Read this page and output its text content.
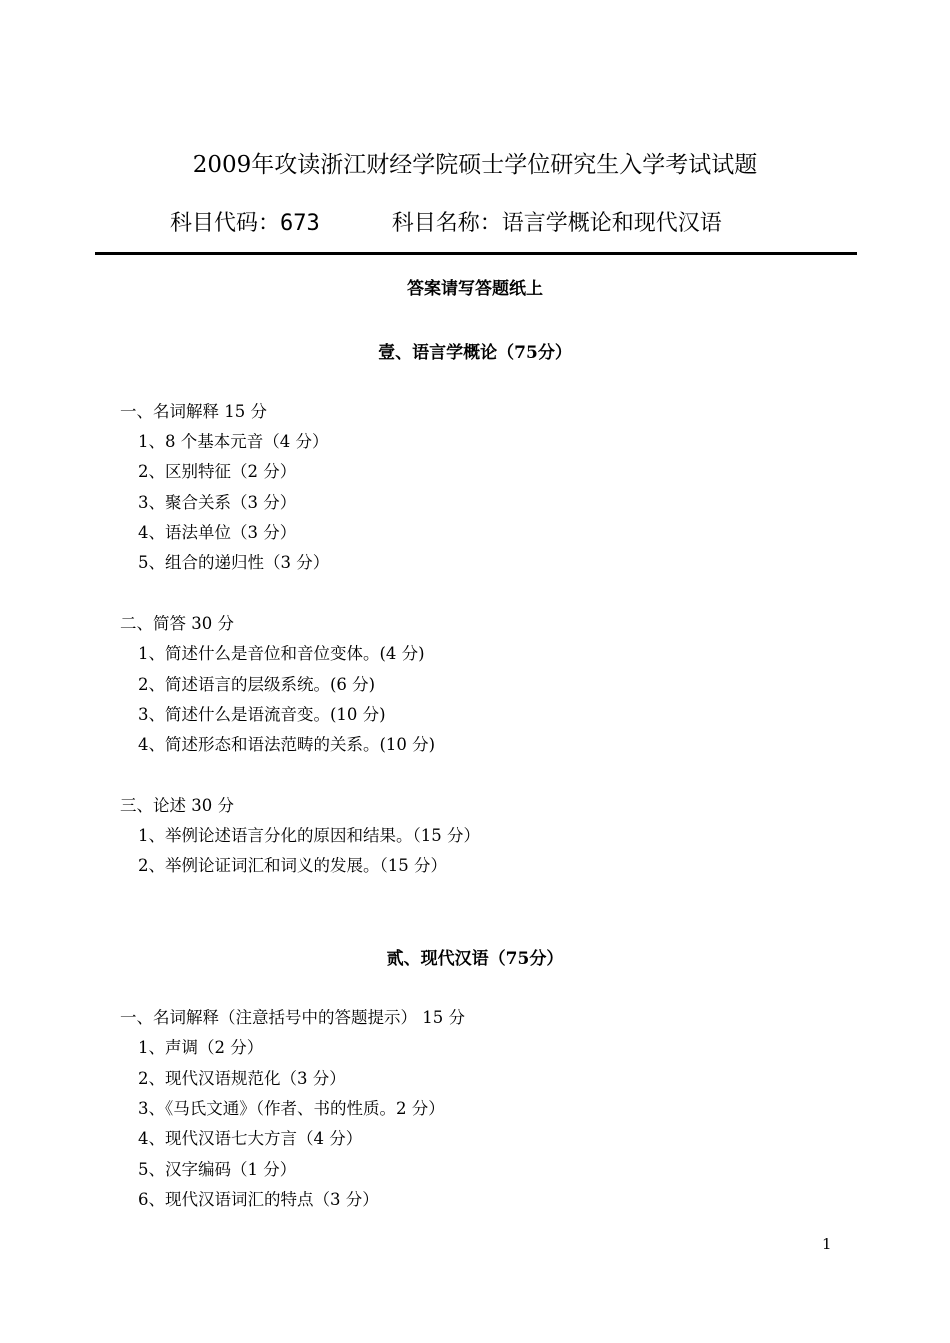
2009年攻读浙江财经学院硕士学位研究生入学考试试题
科目代码：673	科目名称：语言学概论和现代汉语
答案请写答题纸上
壹、语言学概论（75分）
一、名词解释 15 分
1、8 个基本元音（4 分）
2、区别特征（2 分）
3、聚合关系（3 分）
4、语法单位（3 分）
5、组合的递归性（3 分）
二、简答 30 分
1、简述什么是音位和音位变体。(4 分)
2、简述语言的层级系统。(6 分)
3、简述什么是语流音变。(10 分)
4、简述形态和语法范畴的关系。(10 分)
三、论述 30 分
1、举例论述语言分化的原因和结果。（15 分）
2、举例论证词汇和词义的发展。（15 分）
贰、现代汉语（75分）
一、名词解释（注意括号中的答题提示） 15 分
1、声调（2 分）
2、现代汉语规范化（3 分）
3、《马氏文通》（作者、书的性质。2 分）
4、现代汉语七大方言（4 分）
5、汉字编码（1 分）
6、现代汉语词汇的特点（3 分）
1
